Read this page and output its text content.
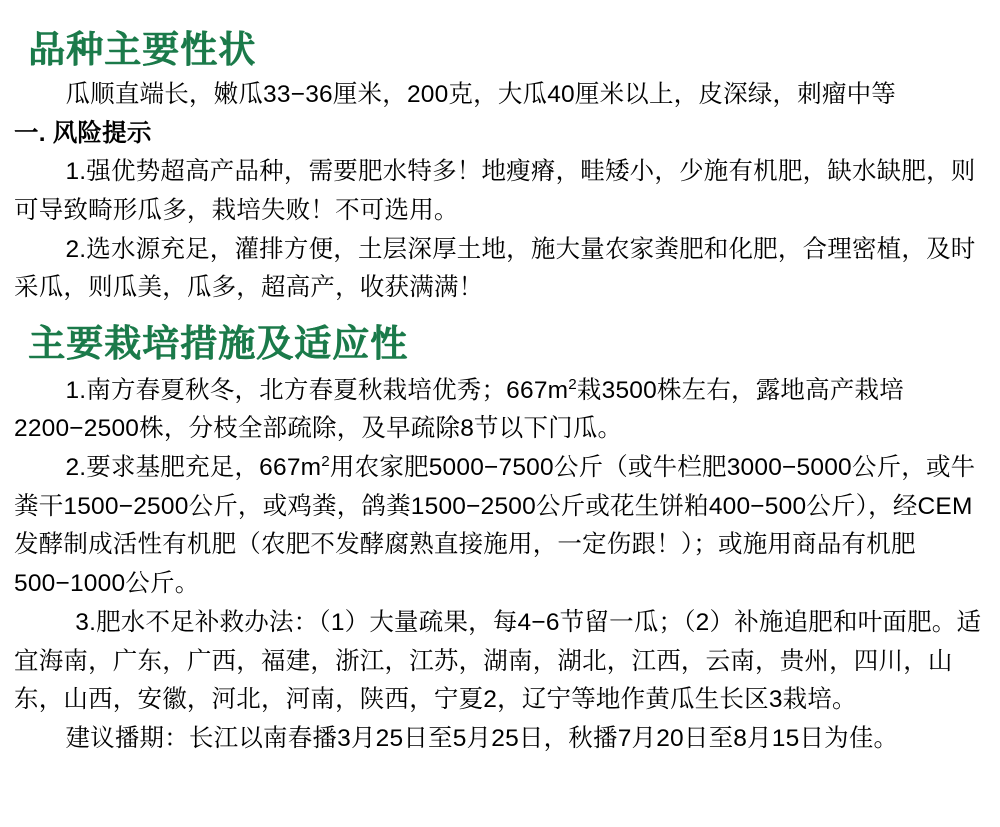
品种主要性状

瓜顺直端长，嫩瓜33−36厘米，200克，大瓜40厘米以上，皮深绿，刺瘤中等

一. 风险提示

1.强优势超高产品种，需要肥水特多！地瘦瘠，畦矮小，少施有机肥，缺水缺肥，则可导致畸形瓜多，栽培失败！不可选用。

2.选水源充足，灌排方便，土层深厚土地，施大量农家粪肥和化肥，合理密植，及时采瓜，则瓜美，瓜多，超高产，收获满满！

主要栽培措施及适应性

1.南方春夏秋冬，北方春夏秋栽培优秀；$667m^2$栽3500株左右，露地高产栽培2200−2500株，分枝全部疏除，及早疏除8节以下门瓜。

2.要求基肥充足，$667m^2$用农家肥5000−7500公斤（或牛栏肥3000−5000公斤，或牛粪干1500−2500公斤，或鸡粪，鸽粪1500−2500公斤或花生饼粕400−500公斤），经CEM发酵制成活性有机肥（农肥不发酵腐熟直接施用，一定伤跟！）；或施用商品有机肥500−1000公斤。

3.肥水不足补救办法：（1）大量疏果，每4−6节留一瓜；（2）补施追肥和叶面肥。适宜海南，广东，广西，福建，浙江，江苏，湖南，湖北，江西，云南，贵州，四川，山东，山西，安徽，河北，河南，陕西，宁夏2，辽宁等地作黄瓜生长区3栽培。

建议播期：长江以南春播3月25日至5月25日，秋播7月20日至8月15日为佳。
